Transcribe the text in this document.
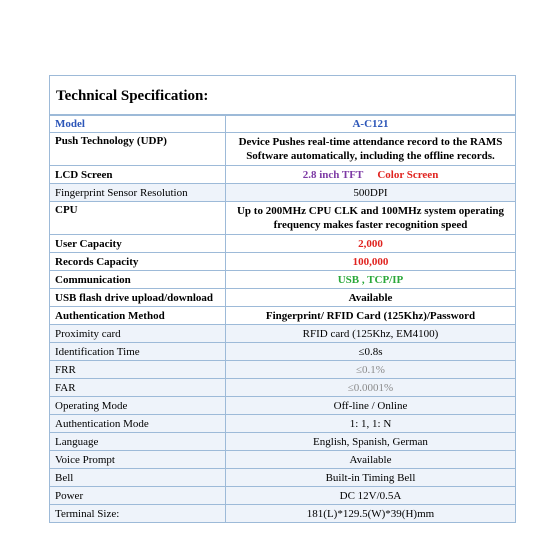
Technical Specification:	
Model	A-C121
Push Technology (UDP)	Device Pushes real-time attendance record to the RAMS Software automatically, including the offline records.
LCD Screen	2.8 inch TFT Color Screen
Fingerprint Sensor Resolution	500DPI
CPU	Up to 200MHz CPU CLK and 100MHz system operating frequency makes faster recognition speed
User Capacity	2,000
Records Capacity	100,000
Communication	USB , TCP/IP
USB flash drive upload/download	Available
Authentication Method	Fingerprint/ RFID Card (125Khz)/Password
Proximity card	RFID card (125Khz, EM4100)
Identification Time	≤0.8s
FRR	≤0.1%
FAR	≤0.0001%
Operating Mode	Off-line / Online
Authentication Mode	1: 1, 1: N
Language	English, Spanish, German
Voice Prompt	Available
Bell	Built-in Timing Bell
Power	DC 12V/0.5A
Terminal Size:	181(L)*129.5(W)*39(H)mm
